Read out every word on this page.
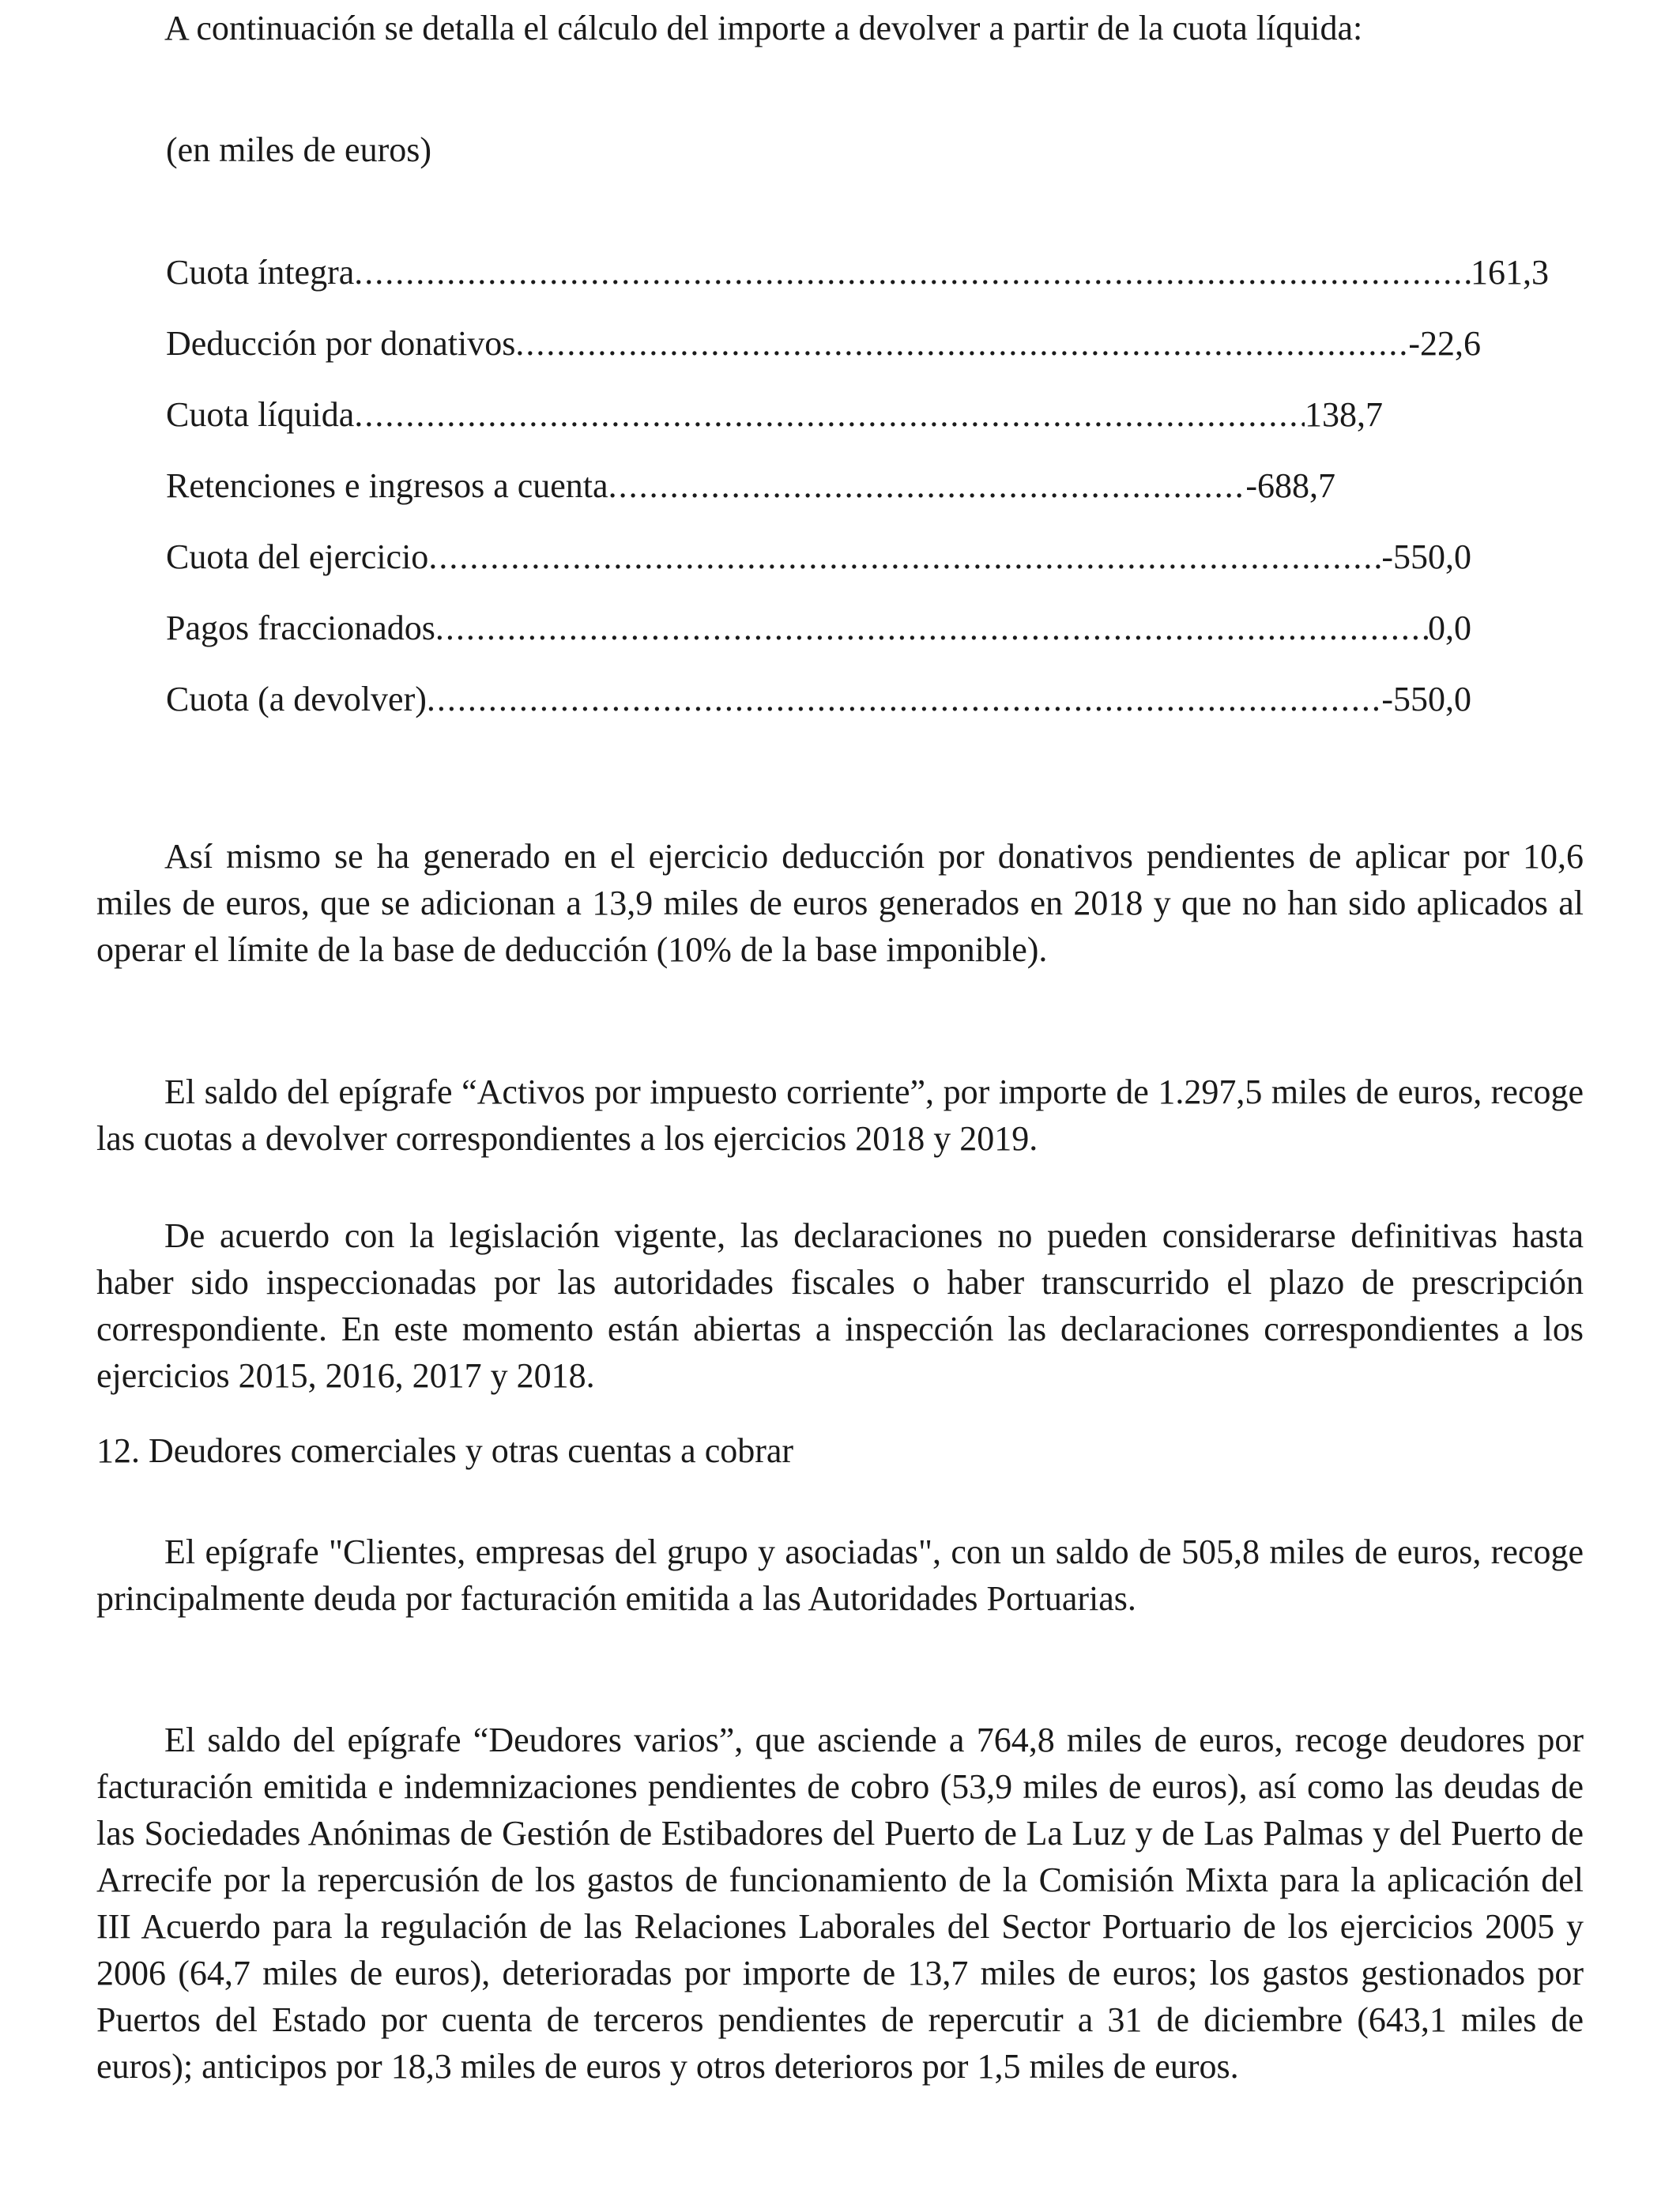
A continuación se detalla el cálculo del importe a devolver a partir de la cuota líquida:

(en miles de euros)

Cuota íntegra .....	161,3
Deducción por donativos .....	-22,6
Cuota líquida .....	138,7
Retenciones e ingresos a cuenta .....	-688,7
Cuota del ejercicio .....	-550,0
Pagos fraccionados .....	0,0
Cuota (a devolver) .....	-550,0

Así mismo se ha generado en el ejercicio deducción por donativos pendientes de aplicar por 10,6 miles de euros, que se adicionan a 13,9 miles de euros generados en 2018 y que no han sido aplicados al operar el límite de la base de deducción (10% de la base imponible).

El saldo del epígrafe “Activos por impuesto corriente”, por importe de 1.297,5 miles de euros, recoge las cuotas a devolver correspondientes a los ejercicios 2018 y 2019.

De acuerdo con la legislación vigente, las declaraciones no pueden considerarse definitivas hasta haber sido inspeccionadas por las autoridades fiscales o haber transcurrido el plazo de prescripción correspondiente. En este momento están abiertas a inspección las declaraciones correspondientes a los ejercicios 2015, 2016, 2017 y 2018.

12. Deudores comerciales y otras cuentas a cobrar

El epígrafe "Clientes, empresas del grupo y asociadas", con un saldo de 505,8 miles de euros, recoge principalmente deuda por facturación emitida a las Autoridades Portuarias.

El saldo del epígrafe “Deudores varios”, que asciende a 764,8 miles de euros, recoge deudores por facturación emitida e indemnizaciones pendientes de cobro (53,9 miles de euros), así como las deudas de las Sociedades Anónimas de Gestión de Estibadores del Puerto de La Luz y de Las Palmas y del Puerto de Arrecife por la repercusión de los gastos de funcionamiento de la Comisión Mixta para la aplicación del III Acuerdo para la regulación de las Relaciones Laborales del Sector Portuario de los ejercicios 2005 y 2006 (64,7 miles de euros), deterioradas por importe de 13,7 miles de euros; los gastos gestionados por Puertos del Estado por cuenta de terceros pendientes de repercutir a 31 de diciembre (643,1 miles de euros); anticipos por 18,3 miles de euros y otros deterioros por 1,5 miles de euros.
